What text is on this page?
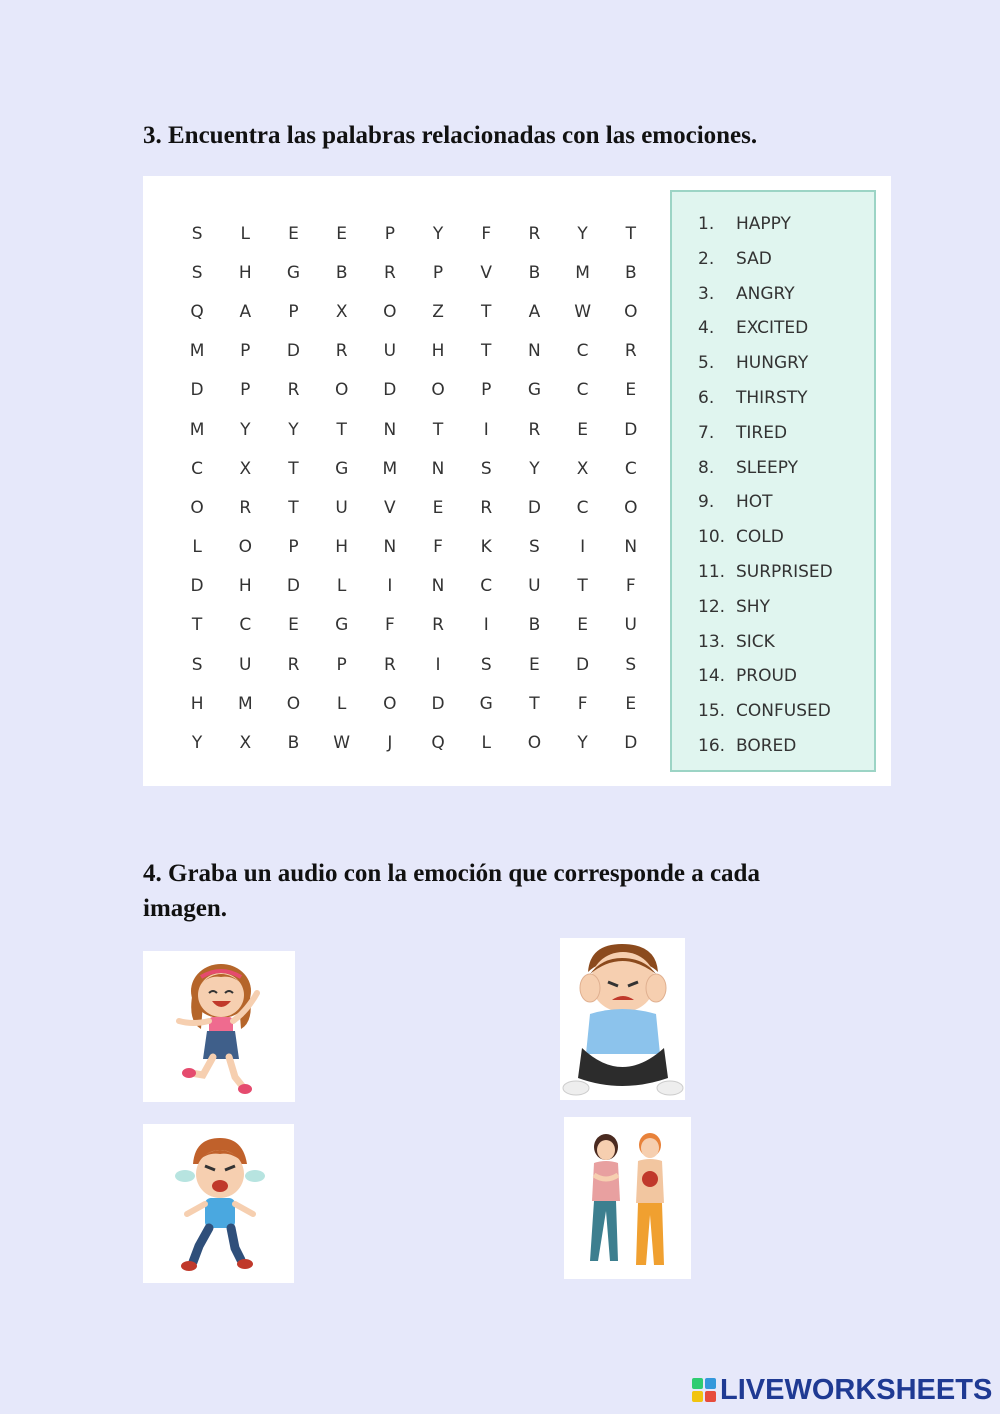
3. Encuentra las palabras relacionadas con las emociones.
S	L	E	E	P	Y	F	R	Y	T
S	H	G	B	R	P	V	B	M	B
Q	A	P	X	O	Z	T	A	W	O
M	P	D	R	U	H	T	N	C	R
D	P	R	O	D	O	P	G	C	E
M	Y	Y	T	N	T	I	R	E	D
C	X	T	G	M	N	S	Y	X	C
O	R	T	U	V	E	R	D	C	O
L	O	P	H	N	F	K	S	I	N
D	H	D	L	I	N	C	U	T	F
T	C	E	G	F	R	I	B	E	U
S	U	R	P	R	I	S	E	D	S
H	M	O	L	O	D	G	T	F	E
Y	X	B	W	J	Q	L	O	Y	D
1.	HAPPY
2.	SAD
3.	ANGRY
4.	EXCITED
5.	HUNGRY
6.	THIRSTY
7.	TIRED
8.	SLEEPY
9.	HOT
10. COLD
11. SURPRISED
12. SHY
13. SICK
14. PROUD
15. CONFUSED
16. BORED
4. Graba un audio con la emoción que corresponde a cada imagen.
LIVEWORKSHEETS
